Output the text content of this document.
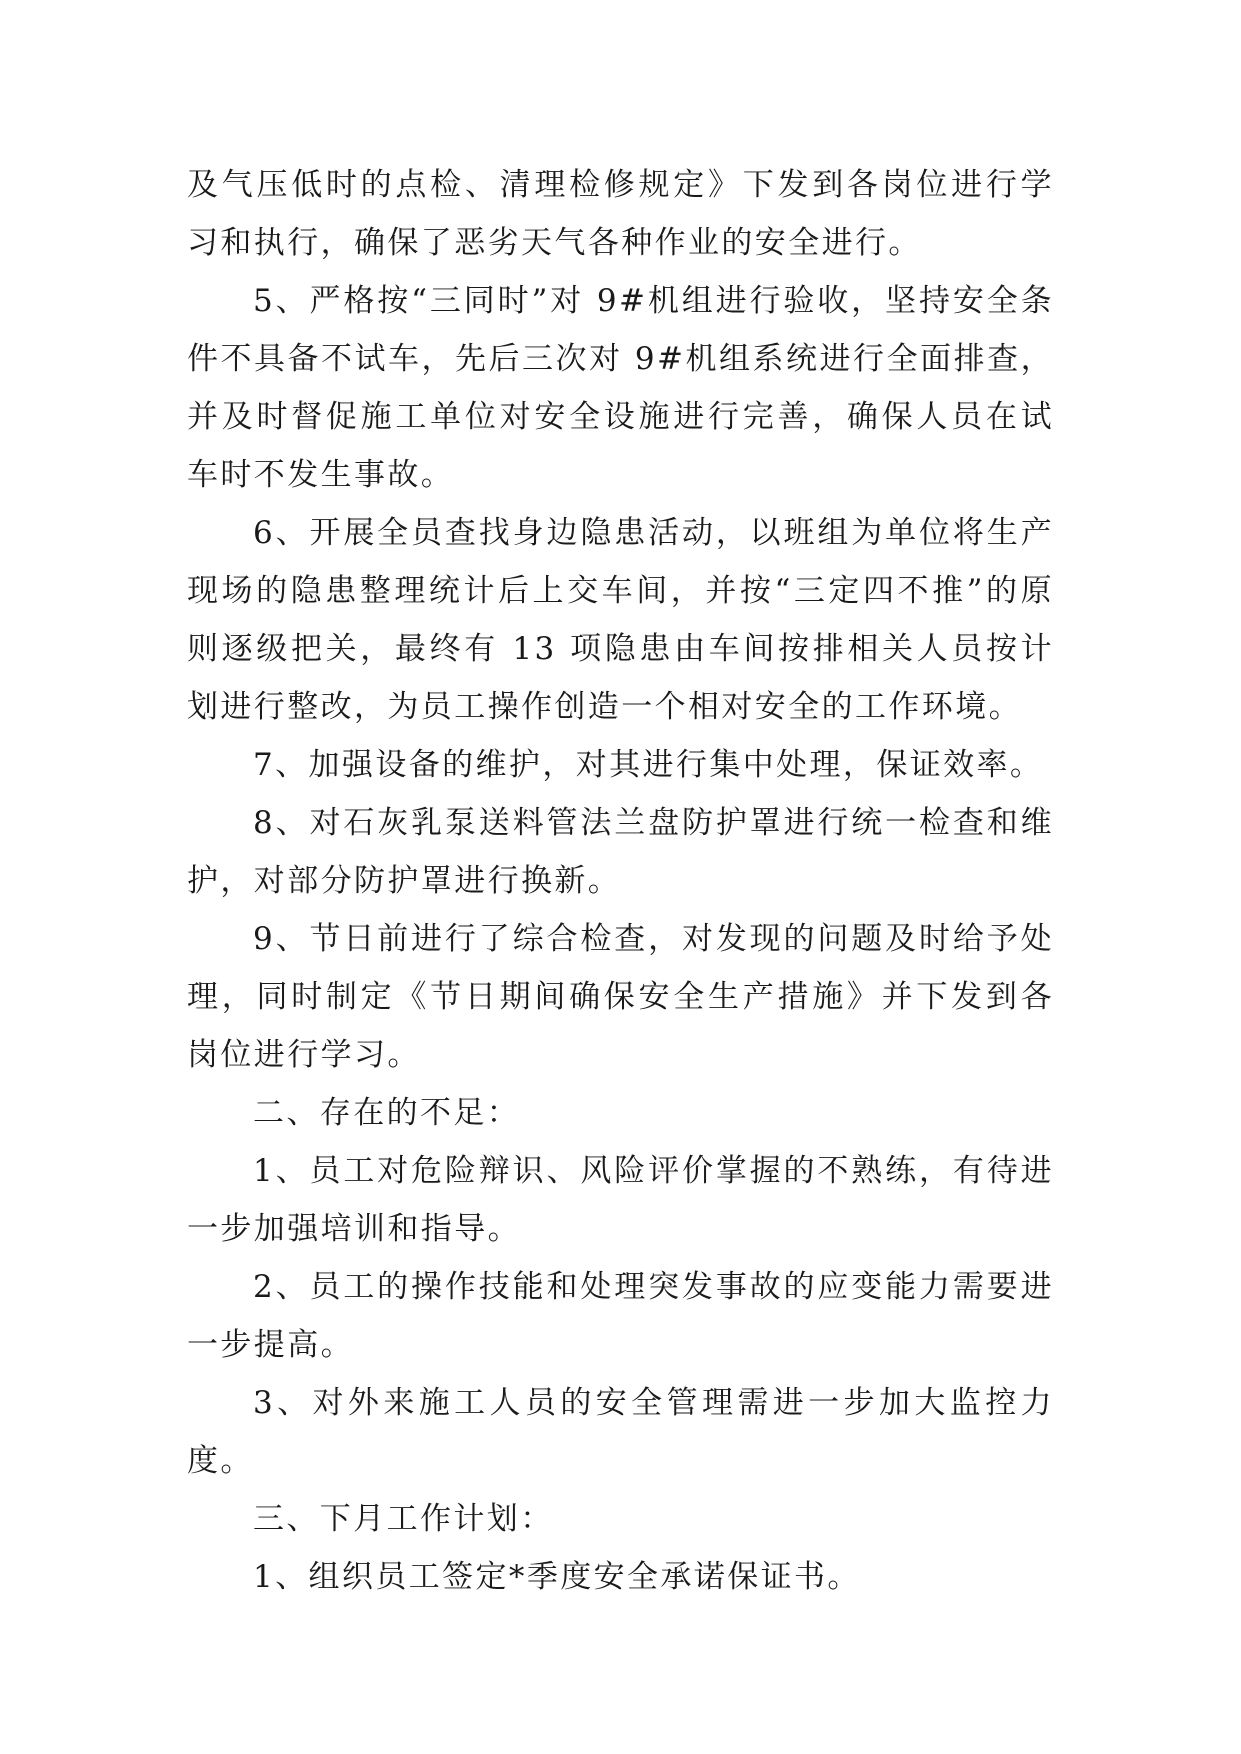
及气压低时的点检、清理检修规定》下发到各岗位进行学习和执行，确保了恶劣天气各种作业的安全进行。

5、严格按“三同时”对 9#机组进行验收，坚持安全条件不具备不试车，先后三次对 9#机组系统进行全面排查，并及时督促施工单位对安全设施进行完善，确保人员在试车时不发生事故。

6、开展全员查找身边隐患活动，以班组为单位将生产现场的隐患整理统计后上交车间，并按“三定四不推”的原则逐级把关，最终有 13 项隐患由车间按排相关人员按计划进行整改，为员工操作创造一个相对安全的工作环境。

7、加强设备的维护，对其进行集中处理，保证效率。

8、对石灰乳泵送料管法兰盘防护罩进行统一检查和维护，对部分防护罩进行换新。

9、节日前进行了综合检查，对发现的问题及时给予处理，同时制定《节日期间确保安全生产措施》并下发到各岗位进行学习。

二、存在的不足：

1、员工对危险辩识、风险评价掌握的不熟练，有待进一步加强培训和指导。

2、员工的操作技能和处理突发事故的应变能力需要进一步提高。

3、对外来施工人员的安全管理需进一步加大监控力度。

三、下月工作计划：

1、组织员工签定*季度安全承诺保证书。
